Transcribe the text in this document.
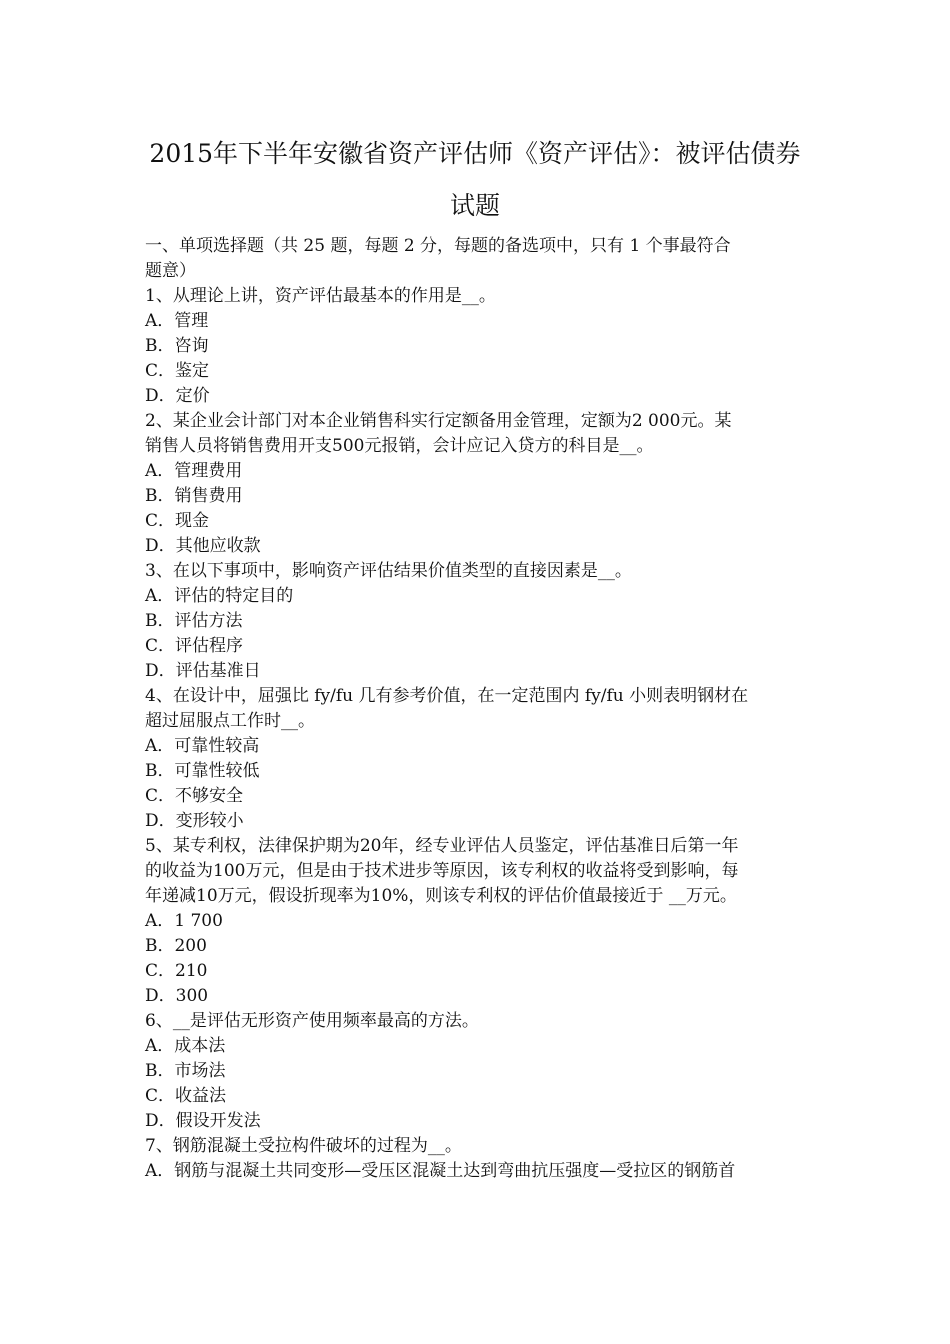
2015年下半年安徽省资产评估师《资产评估》：被评估债券
试题
一、单项选择题（共 25 题，每题 2 分，每题的备选项中，只有 1 个事最符合
题意）
1、从理论上讲，资产评估最基本的作用是__。
A．管理
B．咨询
C．鉴定
D．定价
2、某企业会计部门对本企业销售科实行定额备用金管理，定额为2 000元。某
销售人员将销售费用开支500元报销，会计应记入贷方的科目是__。
A．管理费用
B．销售费用
C．现金
D．其他应收款
3、在以下事项中，影响资产评估结果价值类型的直接因素是__。
A．评估的特定目的
B．评估方法
C．评估程序
D．评估基准日
4、在设计中，屈强比 fy/fu 几有参考价值，在一定范围内 fy/fu 小则表明钢材在
超过屈服点工作时__。
A．可靠性较高
B．可靠性较低
C．不够安全
D．变形较小
5、某专利权，法律保护期为20年，经专业评估人员鉴定，评估基准日后第一年
的收益为100万元，但是由于技术进步等原因，该专利权的收益将受到影响，每
年递减10万元，假设折现率为10%，则该专利权的评估价值最接近于 __万元。
A．1 700
B．200
C．210
D．300
6、__是评估无形资产使用频率最高的方法。
A．成本法
B．市场法
C．收益法
D．假设开发法
7、钢筋混凝土受拉构件破坏的过程为__。
A．钢筋与混凝土共同变形—受压区混凝土达到弯曲抗压强度—受拉区的钢筋首
